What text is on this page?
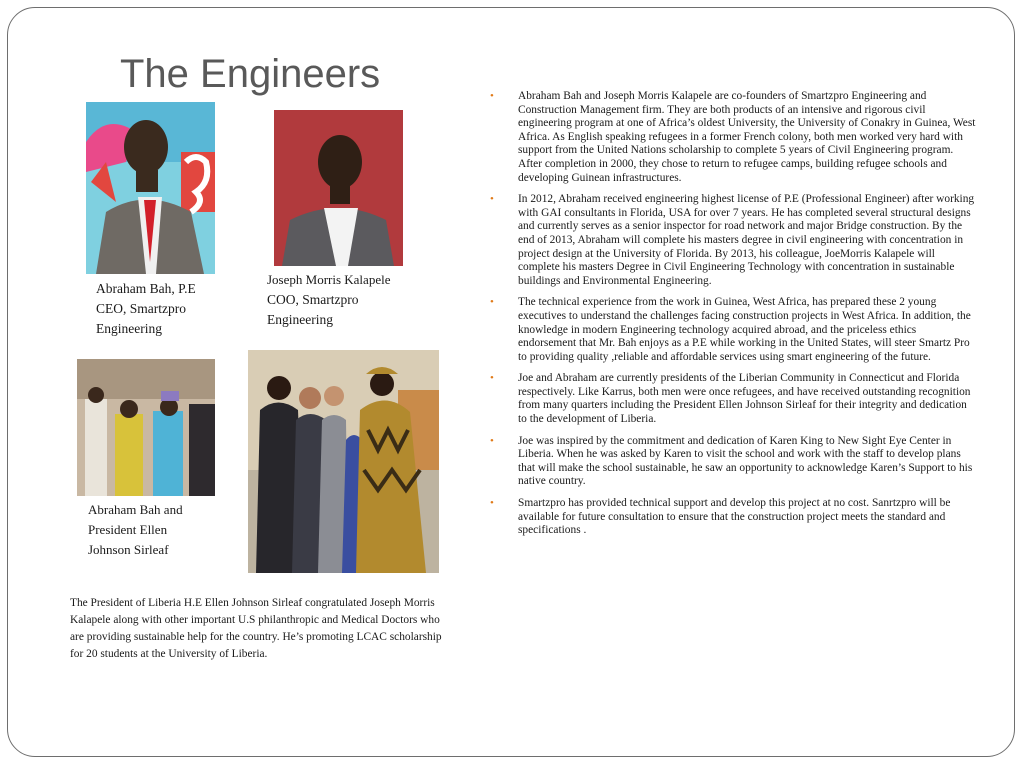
The Engineers
Abraham Bah, P.E
CEO, Smartzpro
Engineering
Joseph Morris Kalapele
COO, Smartzpro
Engineering
Abraham Bah and
President Ellen
Johnson Sirleaf
The President of Liberia H.E Ellen Johnson Sirleaf congratulated Joseph Morris Kalapele along with other important U.S philanthropic and Medical Doctors who are providing sustainable help for the country. He’s promoting LCAC scholarship for 20 students at the University of Liberia.
• Abraham Bah and Joseph Morris Kalapele are co-founders of Smartzpro Engineering and Construction Management firm. They are both products of an intensive and rigorous civil engineering program at one of Africa’s oldest University, the University of Conakry in Guinea, West Africa. As English speaking refugees in a former French colony, both men worked very hard with support from the United Nations scholarship to complete 5 years of Civil Engineering program. After completion in 2000, they chose to return to refugee camps, building refugee schools and developing Guinean infrastructures.
• In 2012, Abraham received engineering highest license of P.E (Professional Engineer) after working with GAI consultants in Florida, USA for over 7 years. He has completed several structural designs and currently serves as a senior inspector for road network and major Bridge construction. By the end of 2013, Abraham will complete his masters degree in civil engineering with concentration in project design at the University of Florida. By 2013, his colleague, JoeMorris Kalapele will complete his masters Degree in Civil Engineering Technology with concentration in sustainable buildings and Environmental Engineering.
• The technical experience from the work in Guinea, West Africa, has prepared these 2 young executives to understand the challenges facing construction projects in West Africa. In addition, the knowledge in modern Engineering technology acquired abroad, and the priceless ethics endorsement that Mr. Bah enjoys as a P.E while working in the United States, will steer Smartz Pro to providing quality ,reliable and affordable services using smart engineering of the future.
• Joe and Abraham are currently presidents of the Liberian Community in Connecticut and Florida respectively. Like Karrus, both men were once refugees, and have received outstanding recognition from many quarters including the President Ellen Johnson Sirleaf for their integrity and dedication to the development of Liberia.
• Joe was inspired by the commitment and dedication of Karen King to New Sight Eye Center in Liberia. When he was asked by Karen to visit the school and work with the staff to develop plans that will make the school sustainable, he saw an opportunity to acknowledge Karen’s Support to his native country.
• Smartzpro has provided technical support and develop this project at no cost. Sanrtzpro will be available for future consultation to ensure that the construction project meets the standard and specifications .
